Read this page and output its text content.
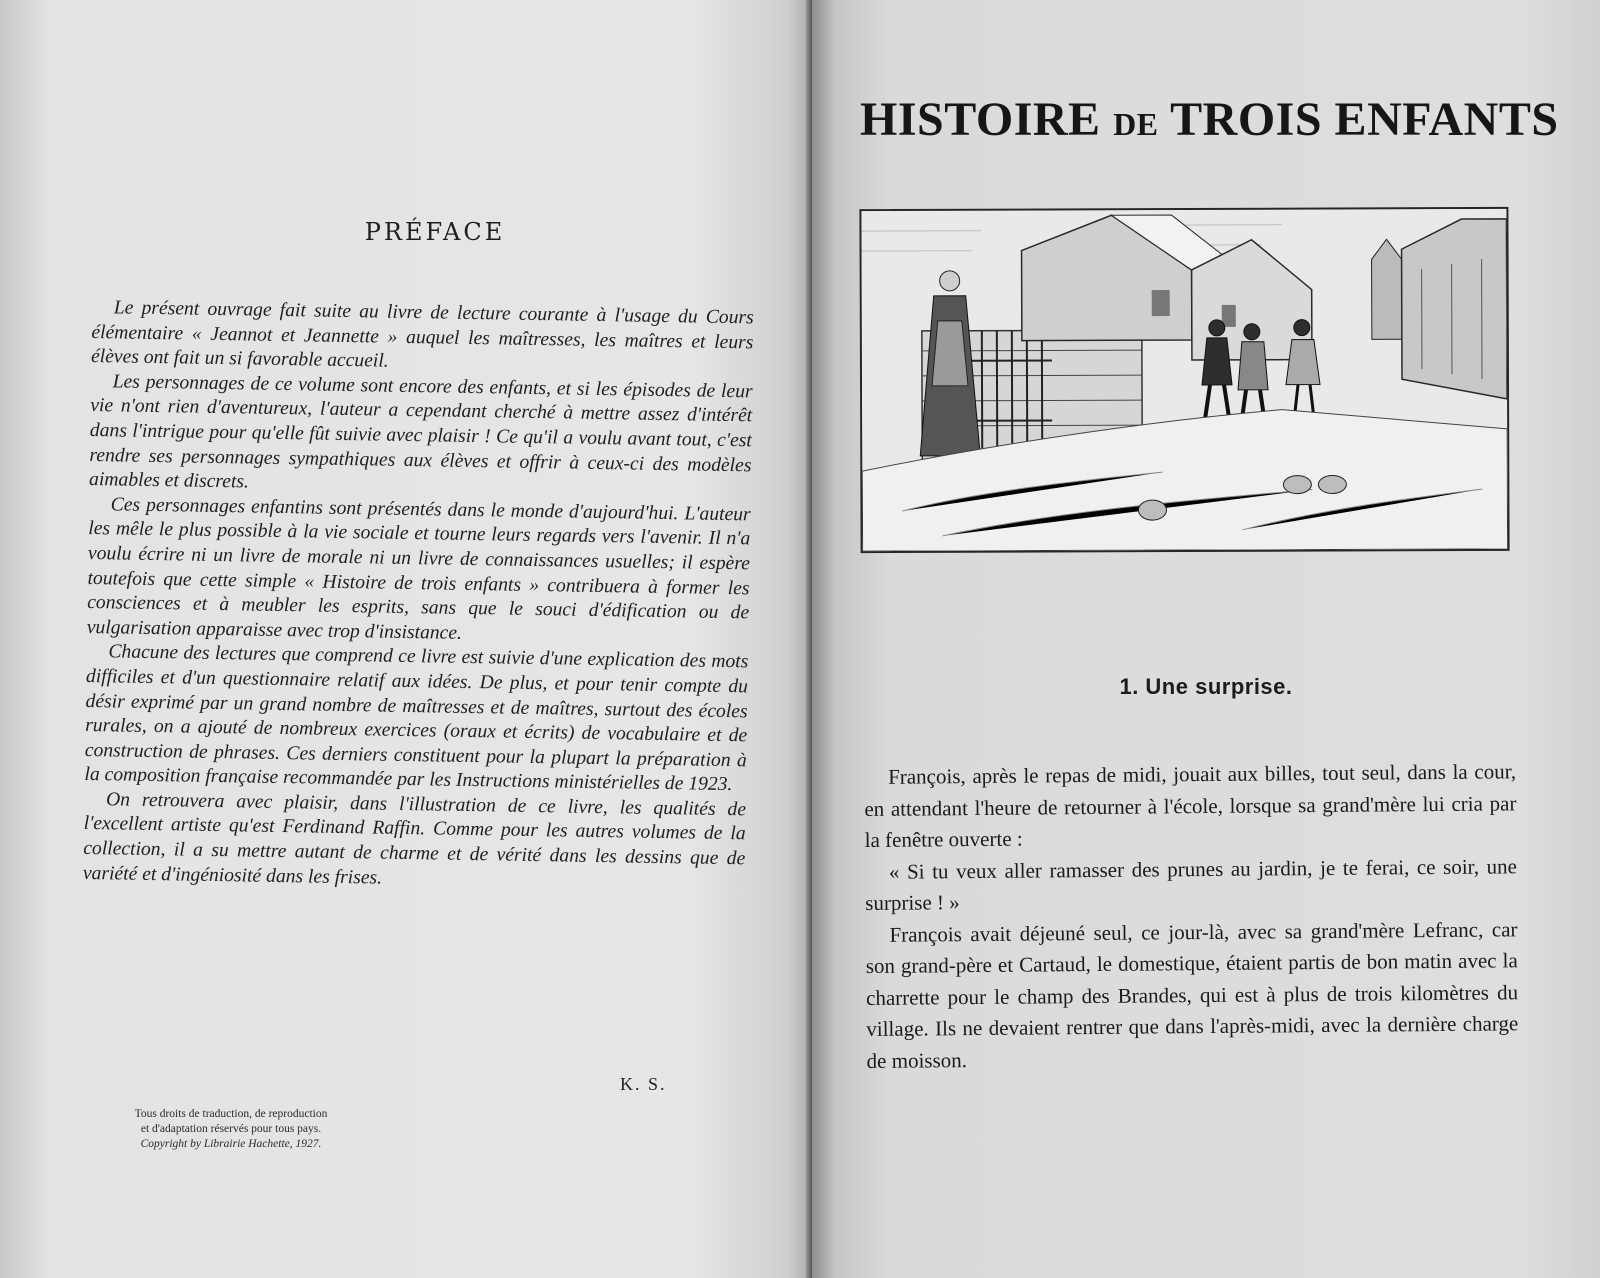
PRÉFACE

Le présent ouvrage fait suite au livre de lecture courante à l'usage du Cours élémentaire « Jeannot et Jeannette » auquel les maîtresses, les maîtres et leurs élèves ont fait un si favorable accueil.

Les personnages de ce volume sont encore des enfants, et si les épisodes de leur vie n'ont rien d'aventureux, l'auteur a cependant cherché à mettre assez d'intérêt dans l'intrigue pour qu'elle fût suivie avec plaisir ! Ce qu'il a voulu avant tout, c'est rendre ses personnages sympathiques aux élèves et offrir à ceux-ci des modèles aimables et discrets.

Ces personnages enfantins sont présentés dans le monde d'aujourd'hui. L'auteur les mêle le plus possible à la vie sociale et tourne leurs regards vers l'avenir. Il n'a voulu écrire ni un livre de morale ni un livre de connaissances usuelles; il espère toutefois que cette simple « Histoire de trois enfants » contribuera à former les consciences et à meubler les esprits, sans que le souci d'édification ou de vulgarisation apparaisse avec trop d'insistance.

Chacune des lectures que comprend ce livre est suivie d'une explication des mots difficiles et d'un questionnaire relatif aux idées. De plus, et pour tenir compte du désir exprimé par un grand nombre de maîtresses et de maîtres, surtout des écoles rurales, on a ajouté de nombreux exercices (oraux et écrits) de vocabulaire et de construction de phrases. Ces derniers constituent pour la plupart la préparation à la composition française recommandée par les Instructions ministérielles de 1923.

On retrouvera avec plaisir, dans l'illustration de ce livre, les qualités de l'excellent artiste qu'est Ferdinand Raffin. Comme pour les autres volumes de la collection, il a su mettre autant de charme et de vérité dans les dessins que de variété et d'ingéniosité dans les frises.

K. S.
Tous droits de traduction, de reproduction
et d'adaptation réservés pour tous pays.
Copyright by Librairie Hachette, 1927.
HISTOIRE DE TROIS ENFANTS
1. Une surprise.

François, après le repas de midi, jouait aux billes, tout seul, dans la cour, en attendant l'heure de retourner à l'école, lorsque sa grand'mère lui cria par la fenêtre ouverte :

« Si tu veux aller ramasser des prunes au jardin, je te ferai, ce soir, une surprise ! »

François avait déjeuné seul, ce jour-là, avec sa grand'mère Lefranc, car son grand-père et Cartaud, le domestique, étaient partis de bon matin avec la charrette pour le champ des Brandes, qui est à plus de trois kilomètres du village. Ils ne devaient rentrer que dans l'après-midi, avec la dernière charge de moisson.
